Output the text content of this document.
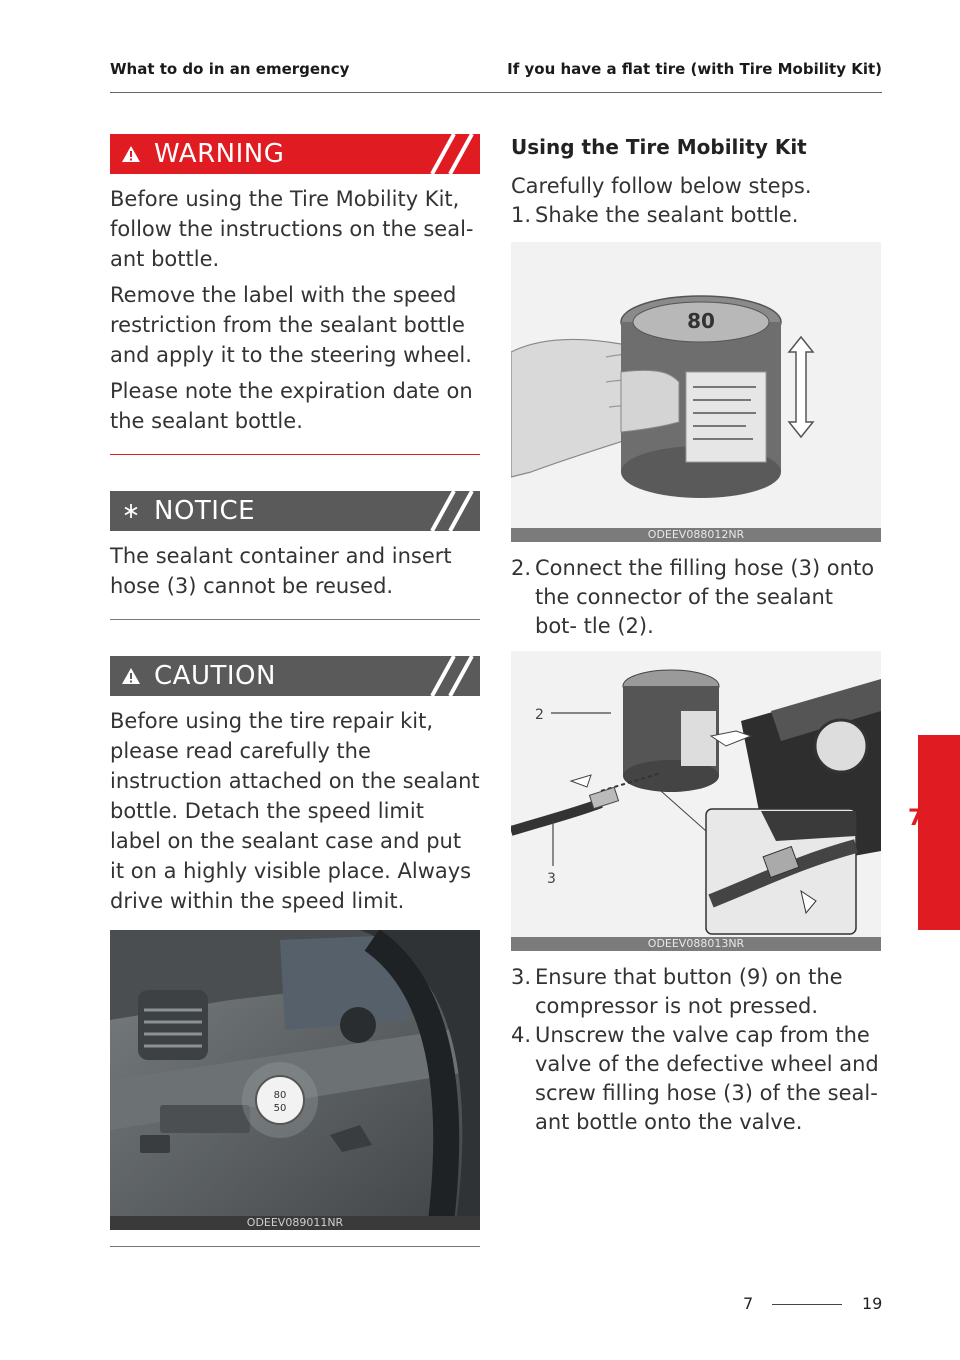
What to do in an emergency	If you have a flat tire (with Tire Mobility Kit)
WARNING

Before using the Tire Mobility Kit, follow the instructions on the seal- ant bottle.

Remove the label with the speed restriction from the sealant bottle and apply it to the steering wheel.

Please note the expiration date on the sealant bottle.

NOTICE

The sealant container and insert hose (3) cannot be reused.

CAUTION

Before using the tire repair kit, please read carefully the instruction attached on the sealant bottle. Detach the speed limit label on the sealant case and put it on a highly visible place. Always drive within the speed limit.

80
50
ODEEV089011NR

Using the Tire Mobility Kit

Carefully follow below steps.
1. Shake the sealant bottle.
80
ODEEV088012NR
2. Connect the filling hose (3) onto the connector of the sealant bot- tle (2).
2
3
ODEEV088013NR
3. Ensure that button (9) on the compressor is not pressed.
4. Unscrew the valve cap from the valve of the defective wheel and screw filling hose (3) of the seal- ant bottle onto the valve.
7
7	19
